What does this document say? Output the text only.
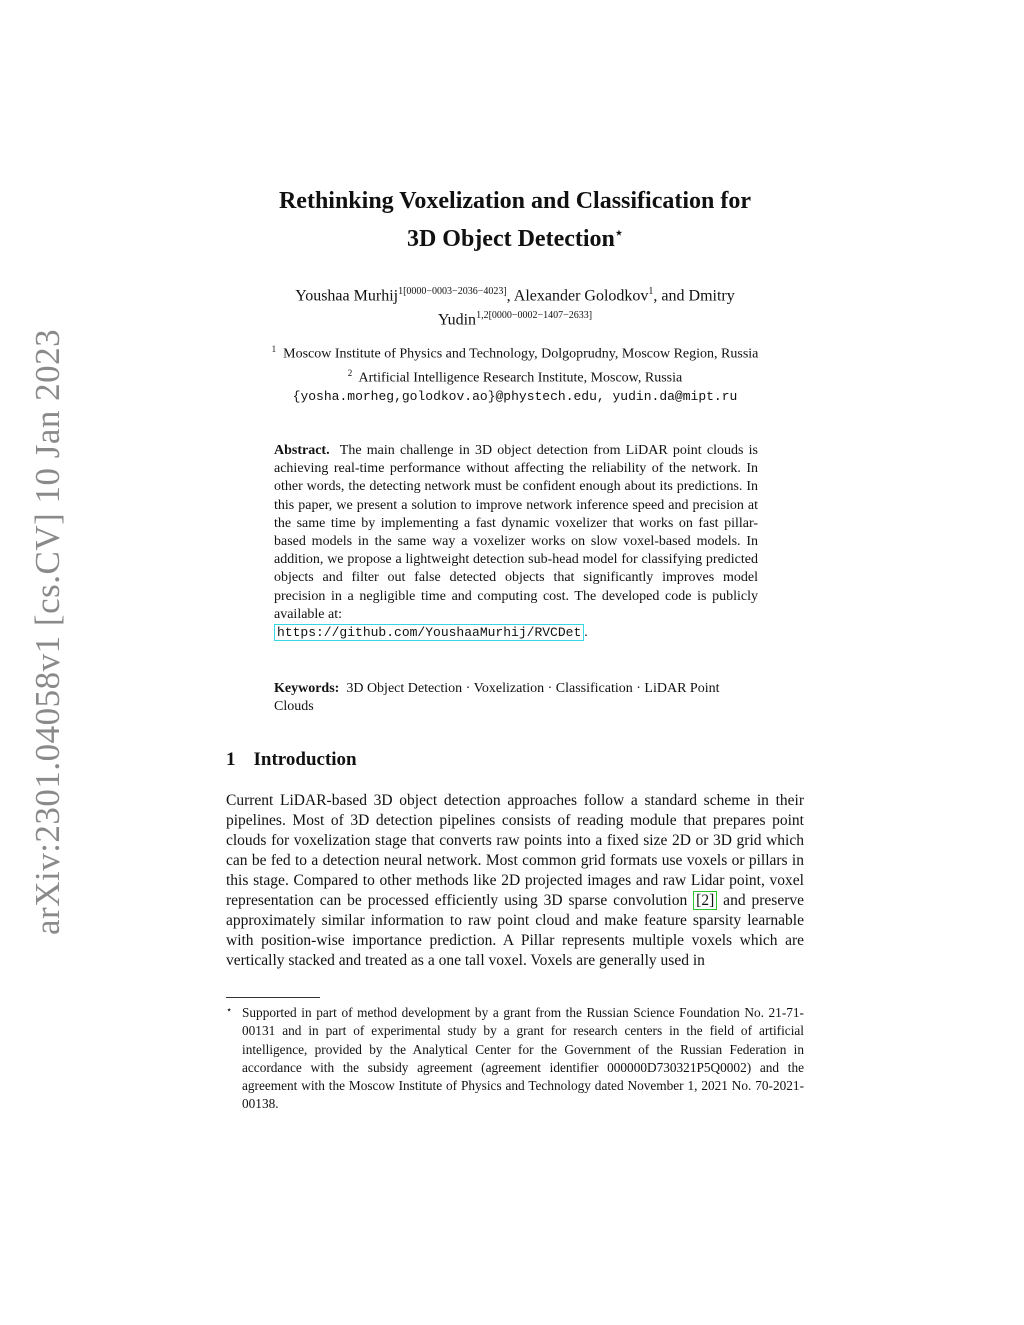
arXiv:2301.04058v1 [cs.CV] 10 Jan 2023
Rethinking Voxelization and Classification for
3D Object Detection⋆
Youshaa Murhij$^{1[0000-0003-2036-4023]}$, Alexander Golodkov$^1$, and Dmitry Yudin$^{1,2[0000-0002-1407-2633]}$
$^1$ Moscow Institute of Physics and Technology, Dolgoprudny, Moscow Region, Russia
$^2$ Artificial Intelligence Research Institute, Moscow, Russia
{yosha.morheg,golodkov.ao}@phystech.edu, yudin.da@mipt.ru
Abstract. The main challenge in 3D object detection from LiDAR point clouds is achieving real-time performance without affecting the reliability of the network. In other words, the detecting network must be confident enough about its predictions. In this paper, we present a solution to improve network inference speed and precision at the same time by implementing a fast dynamic voxelizer that works on fast pillar-based models in the same way a voxelizer works on slow voxel-based models. In addition, we propose a lightweight detection sub-head model for classifying predicted objects and filter out false detected objects that significantly improves model precision in a negligible time and computing cost. The developed code is publicly available at:
https://github.com/YoushaaMurhij/RVCDet .
Keywords: 3D Object Detection · Voxelization · Classification · LiDAR Point Clouds
1 Introduction
Current LiDAR-based 3D object detection approaches follow a standard scheme in their pipelines. Most of 3D detection pipelines consists of reading module that prepares point clouds for voxelization stage that converts raw points into a fixed size 2D or 3D grid which can be fed to a detection neural network. Most common grid formats use voxels or pillars in this stage. Compared to other methods like 2D projected images and raw Lidar point, voxel representation can be processed efficiently using 3D sparse convolution [2] and preserve approximately similar information to raw point cloud and make feature sparsity learnable with position-wise importance prediction. A Pillar represents multiple voxels which are vertically stacked and treated as a one tall voxel. Voxels are generally used in
⋆ Supported in part of method development by a grant from the Russian Science Foundation No. 21-71-00131 and in part of experimental study by a grant for research centers in the field of artificial intelligence, provided by the Analytical Center for the Government of the Russian Federation in accordance with the subsidy agreement (agreement identifier 000000D730321P5Q0002) and the agreement with the Moscow Institute of Physics and Technology dated November 1, 2021 No. 70-2021-00138.
